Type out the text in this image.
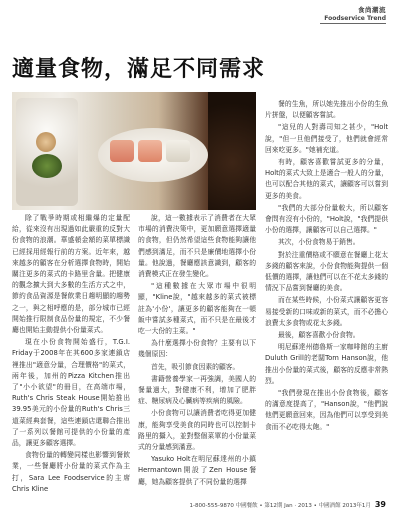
食尚潮流
Foodservice Trend
適量食物，滿足不同需求

除了戰爭時期或相繼爆的定量配給，從來沒有出現過如此嚴重的反對大份食物的浪潮。華盛頓金額的菜單標識已經採用經報行前的方案。近年來，越來越多的顧客在分析選擇食物時，開始關注更多的菜式的卡路里含量。把健康的觀念擴大到大多數的生活方式之中，節約食品資源是餐飲業日趨明顯的趨勢之一，與之相呼應的是，部分城市已經開始推行限制食品份量的規定，不少餐廳也開始主動提供小份量菜式。

現在小份食物開始盛行，T.G.I. Friday于2008年在其600多家連鎖店裡推出"適意分量，合理價格"的菜式，兩年後，加州的Pizza Kitchen推出了"小小欲望"的冊目，在高端市場，Ruth's Chris Steak House開始推出39.95美元的小份量的Ruth's Chris三道菜經典套餐，這些連鎖店還聯合推出了一系列以餐館可提供的小份量的產品，讓更多顧客選擇。

食物份量的轉變同樣也影響到餐飲業，一些餐廳將小份量的菜式作為主打，Sara Lee Foodservice的主席Chris Kline

說，這一數據表示了消費者在大眾市場的消費決策中，更加願意選擇適量的食物，但仍然希望這些食物能夠讓他們感到滿足，而不只是廉價地選擇小份量。他說過，餐廳應該意識到，顧客的消費模式正在發生變化。

"這種數據在大眾市場中很明顯，"Kline說，"越來越多的菜式被標註為'小份'，讓更多的顧客能夠在一頓飯中嘗試多種菜式，而不只是在最後才吃一大份的主菜。"

為什麼選擇小份食物？主要有以下幾個原因：

首先，吸引節食因素的顧客。

書籍營養學家一再強調，美國人的餐量過大，對健康不利，增加了肥胖症、糖尿病及心臟病等疾病的風險。

小份食物可以讓消費者吃得更加健康，能夠享受美食的同時也可以控制卡路里的攝入，並對整個菜單的小份量菜式的分量感到滿意。

Yasuko Holt在明尼蘇達州的小鎮Hermantown開設了Zen House餐廳，她為顧客提供了不同份量的選擇

餐的生魚，所以她先推出小份的生魚片拼盤，以便顧客嘗試。

"這兒的人對壽司知之甚少，"Holt說，"但一旦他們接受了，他們就會經常回來吃更多。"她補充道。

有時，顧客喜歡嘗試更多的分量，Holt的菜式大致上是適合一般人的分量，也可以配合其他的菜式，讓顧客可以嘗到更多的美食。

"我們的大部分份量較大，所以顧客會問有沒有小份的，"Holt說，"我們提供小份的選擇，讓顧客可以自己選擇。"

其次，小份食物易于銷售。

對於注重價格或不願意在餐廳上花太多錢的顧客來說，小份食物能夠提供一個低價的選擇，讓他們可以在不花太多錢的情況下品嘗到餐廳的美食。

而在某些時候，小份菜式讓顧客更容易接受新的口味或新的菜式，而不必擔心浪費太多食物或花太多錢。

最後，顧客喜歡小份食物。

明尼蘇達州德魯斯一家咖啡館的主廚Duluth Grill的老闆Tom Hanson說，他推出小份量的菜式後，顧客的反應非常熱烈。

"我們發現在推出小份食物後，顧客的滿意度提高了，"Hanson說，"他們說他們更願意回來，因為他們可以享受到美食而不必吃得太飽。"

1-800-555-9870 中國餐飲 • 第12期 Jan · 2013 • 中國酒館 2013年1月 39
